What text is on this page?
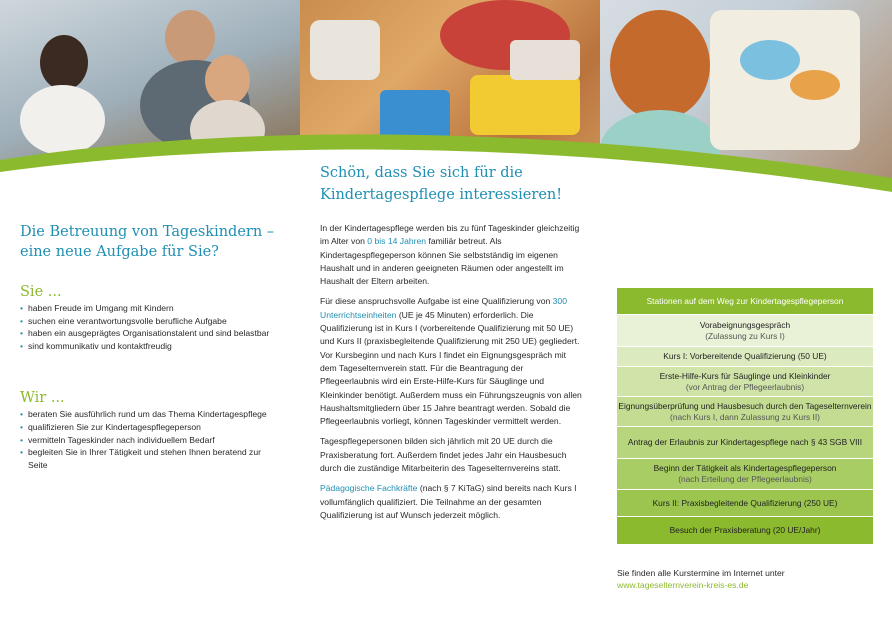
Schön, dass Sie sich für die
Kindertagespflege interessieren!
Die Betreuung von Tageskindern –
eine neue Aufgabe für Sie?
Sie ...
• haben Freude im Umgang mit Kindern
• suchen eine verantwortungsvolle berufliche Aufgabe
• haben ein ausgeprägtes Organisationstalent und sind belastbar
• sind kommunikativ und kontaktfreudig
Wir ...
• beraten Sie ausführlich rund um das Thema Kindertagespflege
• qualifizieren Sie zur Kindertagespflegeperson
• vermitteln Tageskinder nach individuellem Bedarf
• begleiten Sie in Ihrer Tätigkeit und stehen Ihnen beratend zur Seite

In der Kindertagespflege werden bis zu fünf Tageskinder gleichzeitig im Alter von 0 bis 14 Jahren familiär betreut. Als Kindertagespflegeperson können Sie selbstständig im eigenen Haushalt und in anderen geeigneten Räumen oder angestellt im Haushalt der Eltern arbeiten.

Für diese anspruchsvolle Aufgabe ist eine Qualifizierung von 300 Unterrichtseinheiten (UE je 45 Minuten) erforderlich. Die Qualifizierung ist in Kurs I (vorbereitende Qualifizierung mit 50 UE) und Kurs II (praxisbegleitende Qualifizierung mit 250 UE) gegliedert. Vor Kursbeginn und nach Kurs I findet ein Eignungsgespräch mit dem Tageselternverein statt. Für die Beantragung der Pflegeerlaubnis wird ein Erste-Hilfe-Kurs für Säuglinge und Kleinkinder benötigt. Außerdem muss ein Führungszeugnis von allen Haushaltsmitgliedern über 15 Jahre beantragt werden. Sobald die Pflegeerlaubnis vorliegt, können Tageskinder vermittelt werden.

Tagespflegepersonen bilden sich jährlich mit 20 UE durch die Praxisberatung fort. Außerdem findet jedes Jahr ein Hausbesuch durch die zuständige Mitarbeiterin des Tageselternvereins statt.

Pädagogische Fachkräfte (nach § 7 KiTaG) sind bereits nach Kurs I vollumfänglich qualifiziert. Die Teilnahme an der gesamten Qualifizierung ist auf Wunsch jederzeit möglich.

Stationen auf dem Weg zur Kindertagespflegeperson
Vorabeignungsgespräch
(Zulassung zu Kurs I)
Kurs I: Vorbereitende Qualifizierung (50 UE)
Erste-Hilfe-Kurs für Säuglinge und Kleinkinder
(vor Antrag der Pflegeerlaubnis)
Eignungsüberprüfung und Hausbesuch durch den Tageselternverein
(nach Kurs I, dann Zulassung zu Kurs II)
Antrag der Erlaubnis zur Kindertagespflege nach § 43 SGB VIII
Beginn der Tätigkeit als Kindertagespflegeperson
(nach Erteilung der Pflegeerlaubnis)
Kurs II: Praxisbegleitende Qualifizierung (250 UE)
Besuch der Praxisberatung (20 UE/Jahr)
Sie finden alle Kurstermine im Internet unter
www.tageselternverein-kreis-es.de
